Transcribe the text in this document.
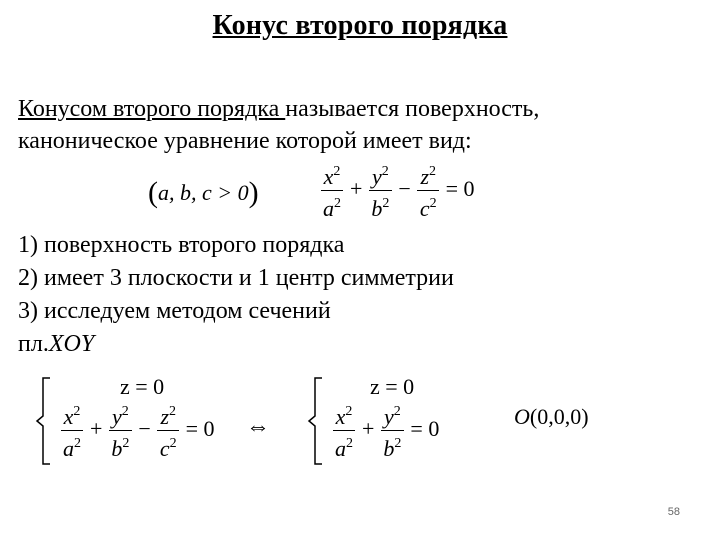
Конус второго порядка
Конусом второго порядка называется поверхность,
каноническое уравнение которой имеет вид:
(a, b, c > 0)	$\frac{x^2}{a^2} + \frac{y^2}{b^2} - \frac{z^2}{c^2} = 0$
1) поверхность второго порядка
2) имеет 3 плоскости и 1 центр симметрии
3) исследуем методом сечений
пл.XOY
z = 0
$\frac{x^2}{a^2} + \frac{y^2}{b^2} - \frac{z^2}{c^2} = 0$ ⇔
z = 0
$\frac{x^2}{a^2} + \frac{y^2}{b^2} = 0$	O(0,0,0)
58
